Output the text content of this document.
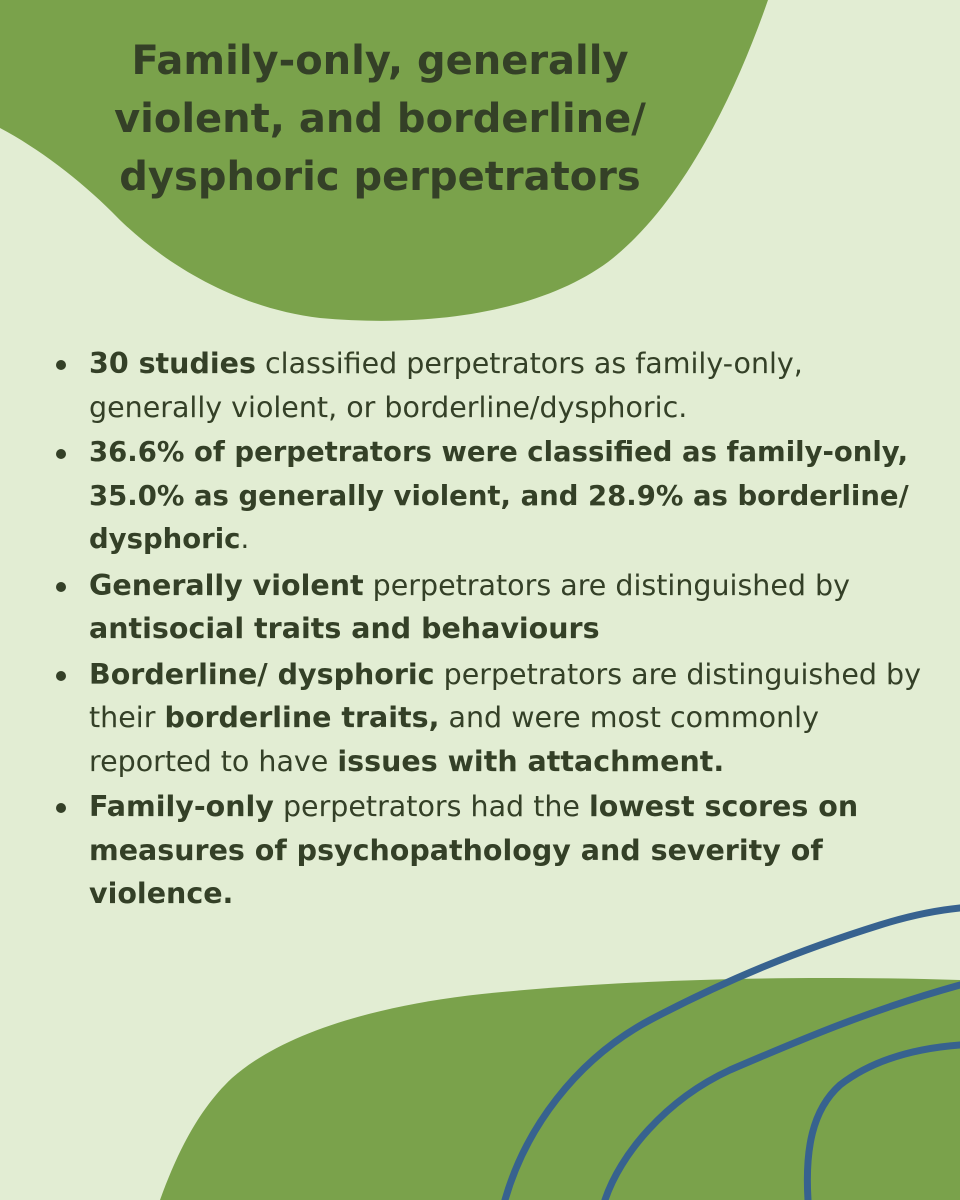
Family-only, generally violent, and borderline/ dysphoric perpetrators
30 studies classified perpetrators as family-only, generally violent, or borderline/dysphoric.
36.6% of perpetrators were classified as family-only, 35.0% as generally violent, and 28.9% as borderline/ dysphoric.
Generally violent perpetrators are distinguished by antisocial traits and behaviours
Borderline/ dysphoric perpetrators are distinguished by their borderline traits, and were most commonly reported to have issues with attachment.
Family-only perpetrators had the lowest scores on measures of psychopathology and severity of violence.
